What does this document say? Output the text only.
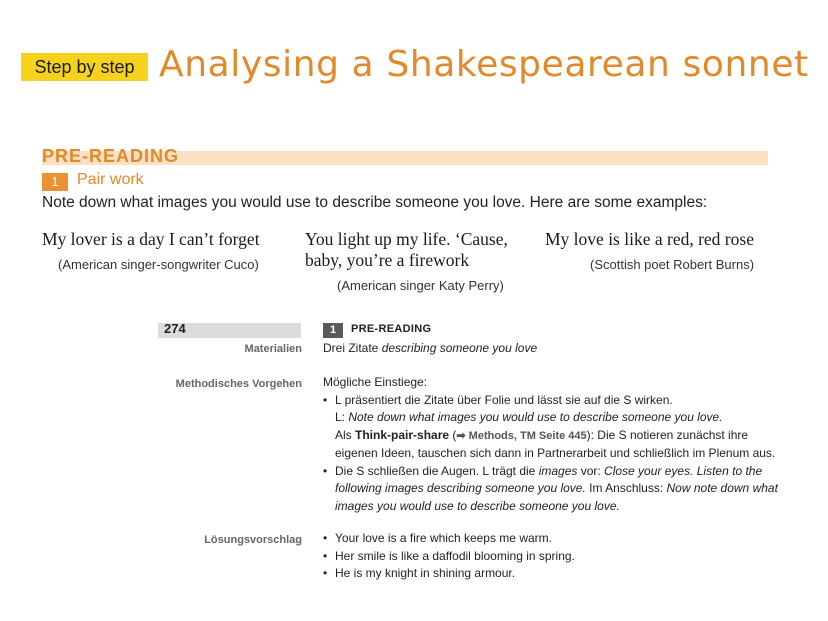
Step by step Analysing a Shakespearean sonnet
PRE-READING
1	Pair work
Note down what images you would use to describe someone you love. Here are some examples:
My lover is a day I can’t forget
(American singer-songwriter Cuco)
You light up my life. ‘Cause,
baby, you’re a firework
(American singer Katy Perry)
My love is like a red, red rose
(Scottish poet Robert Burns)
274	1	PRE-READING
Materialien Drei Zitate describing someone you love
Methodisches Vorgehen Mögliche Einstiege:
• L präsentiert die Zitate über Folie und lässt sie auf die S wirken.
L: Note down what images you would use to describe someone you love.
Als Think-pair-share (➡ Methods, TM Seite 445): Die S notieren zunächst ihre
eigenen Ideen, tauschen sich dann in Partnerarbeit und schließlich im Plenum aus.
• Die S schließen die Augen. L trägt die images vor: Close your eyes. Listen to the
following images describing someone you love. Im Anschluss: Now note down what
images you would use to describe someone you love.
Lösungsvorschlag
•	Your love is a fire which keeps me warm.
• Her smile is like a daffodil blooming in spring.
• He is my knight in shining armour.
